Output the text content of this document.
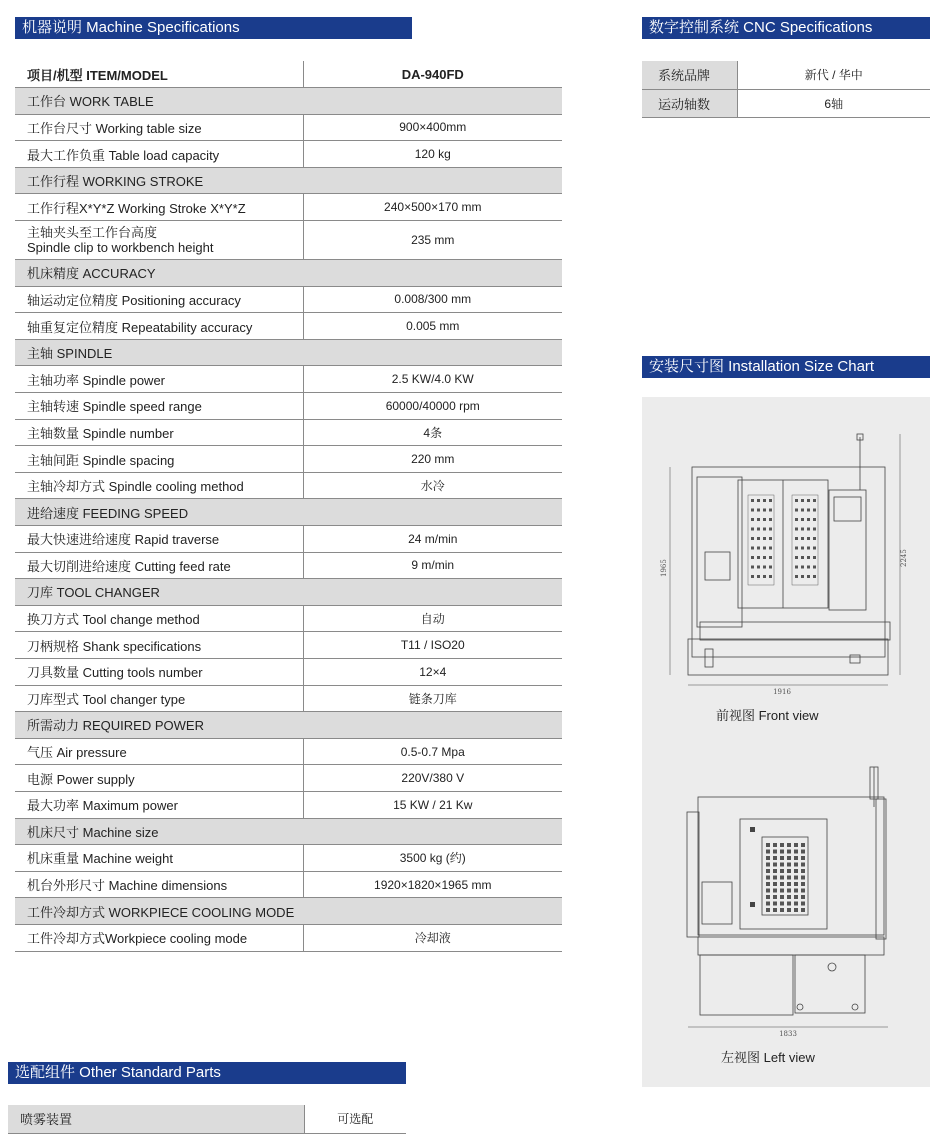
机器说明 Machine Specifications	数字控制系统 CNC Specifications
安装尺寸图 Installation Size Chart
选配组件 Other Standard Parts
项目/机型 ITEM/MODEL	DA-940FD
工作台 WORK TABLE	
工作台尺寸 Working table size	900×400mm
最大工作负重 Table load capacity	120 kg
工作行程 WORKING STROKE	
工作行程X*Y*Z Working Stroke X*Y*Z	240×500×170 mm

主轴夹头至工作台高度
Spindle clip to workbench height	235 mm
机床精度 ACCURACY	
轴运动定位精度 Positioning accuracy	0.008/300 mm
轴重复定位精度 Repeatability accuracy	0.005 mm
主轴 SPINDLE	
主轴功率 Spindle power	2.5 KW/4.0 KW
主轴转速 Spindle speed range	60000/40000 rpm
主轴数量 Spindle number	4条
主轴间距 Spindle spacing	220 mm
主轴冷却方式 Spindle cooling method	水冷
进给速度 FEEDING SPEED	
最大快速进给速度 Rapid traverse	24 m/min
最大切削进给速度 Cutting feed rate	9 m/min
刀库 TOOL CHANGER	
换刀方式 Tool change method	自动
刀柄规格 Shank specifications	T11 / ISO20
刀具数量 Cutting tools number	12×4
刀库型式 Tool changer type	链条刀库
所需动力 REQUIRED POWER	
气压 Air pressure	0.5-0.7 Mpa
电源 Power supply	220V/380 V
最大功率 Maximum power	15 KW / 21 Kw
机床尺寸 Machine size	
机床重量 Machine weight	3500 kg (约)
机台外形尺寸 Machine dimensions	1920×1820×1965 mm
工件冷却方式 WORKPIECE COOLING MODE	
工件冷却方式Workpiece cooling mode	冷却液
系统品牌	新代 / 华中
运动轴数	6轴
喷雾装置	可选配
1965
2245
1916
前视图 Front view
1833
左视图 Left view
